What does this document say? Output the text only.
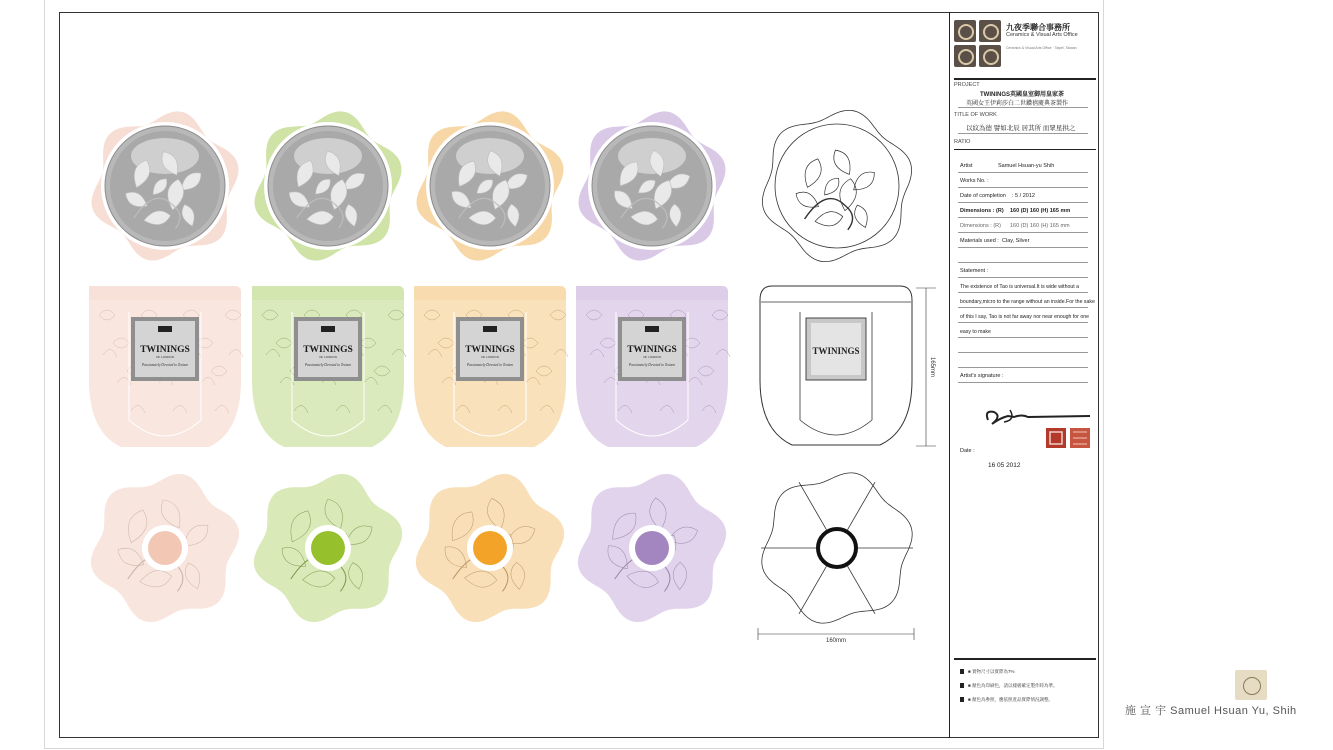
TWININGS
OF LONDON
Passionately Devoted to Teaism
TWININGS
OF LONDON
Passionately Devoted to Teaism
TWININGS
OF LONDON
Passionately Devoted to Teaism
TWININGS
OF LONDON
Passionately Devoted to Teaism
TWININGS
165mm
160mm
九夜季聯合事務所
Ceramics & Visual Arts Office
Ceramics & Visual Arts Office · Taipei, Taiwan
PROJECT
TWININGS英國皇室御用皇家茶
英國女王伊莉莎白二世鑽禧慶典茶製作
TITLE OF WORK
以紋為德 譬如北辰 居其所 而眾星拱之
RATIO
Artist	Samuel Hsuan-yu Shih
Works No. :
Date of completion : 5 / 2012
Dimensions : (R) 160 (D) 160 (H) 165 mm
Dimensions : (R) 160 (D) 160 (H) 165 mm
Materials used : Clay, Silver
Statement :
The existence of Tao is universal.It is wide without a boundary,micro to the range without an inside.For the sake of this I say, Tao is not far away nor near enough for one easy to make
Artist's signature :
Date :
16 05 2012
■ 實物尺寸以實際為7%
■ 顏色為印刷色，請以樣板確定製作時為準。
■ 顏色為參照，應依照產品實際情況調整。
施 宣 宇 Samuel Hsuan Yu, Shih
